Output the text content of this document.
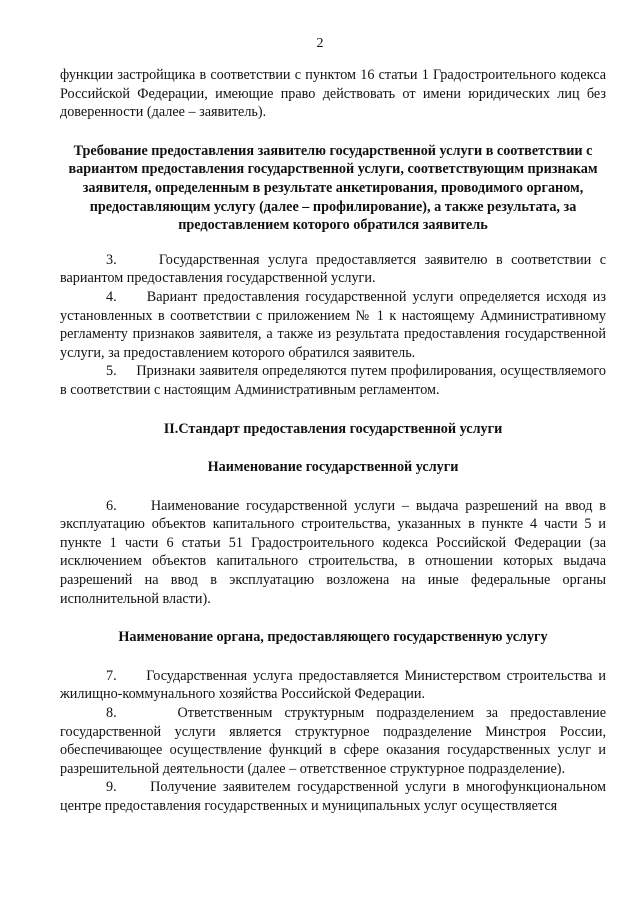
2

функции застройщика в соответствии с пунктом 16 статьи 1 Градостроительного кодекса Российской Федерации, имеющие право действовать от имени юридических лиц без доверенности (далее – заявитель).

Требование предоставления заявителю государственной услуги в соответствии с вариантом предоставления государственной услуги, соответствующим признакам заявителя, определенным в результате анкетирования, проводимого органом, предоставляющим услугу (далее – профилирование), а также результата, за предоставлением которого обратился заявитель

3.     Государственная услуга предоставляется заявителю в соответствии с вариантом предоставления государственной услуги.

4.     Вариант предоставления государственной услуги определяется исходя из установленных в соответствии с приложением № 1 к настоящему Административному регламенту признаков заявителя, а также из результата предоставления государственной услуги, за предоставлением которого обратился заявитель.

5.     Признаки заявителя определяются путем профилирования, осуществляемого в соответствии с настоящим Административным регламентом.

II.Стандарт предоставления государственной услуги

Наименование государственной услуги

6.     Наименование государственной услуги – выдача разрешений на ввод в эксплуатацию объектов капитального строительства, указанных в пункте 4 части 5 и пункте 1 части 6 статьи 51 Градостроительного кодекса Российской Федерации (за исключением объектов капитального строительства, в отношении которых выдача разрешений на ввод в эксплуатацию возложена на иные федеральные органы исполнительной власти).

Наименование органа, предоставляющего государственную услугу

7.     Государственная услуга предоставляется Министерством строительства и жилищно-коммунального хозяйства Российской Федерации.

8.     Ответственным структурным подразделением за предоставление государственной услуги является структурное подразделение Минстроя России, обеспечивающее осуществление функций в сфере оказания государственных услуг и разрешительной деятельности (далее – ответственное структурное подразделение).

9.     Получение заявителем государственной услуги в многофункциональном центре предоставления государственных и муниципальных услуг осуществляется
